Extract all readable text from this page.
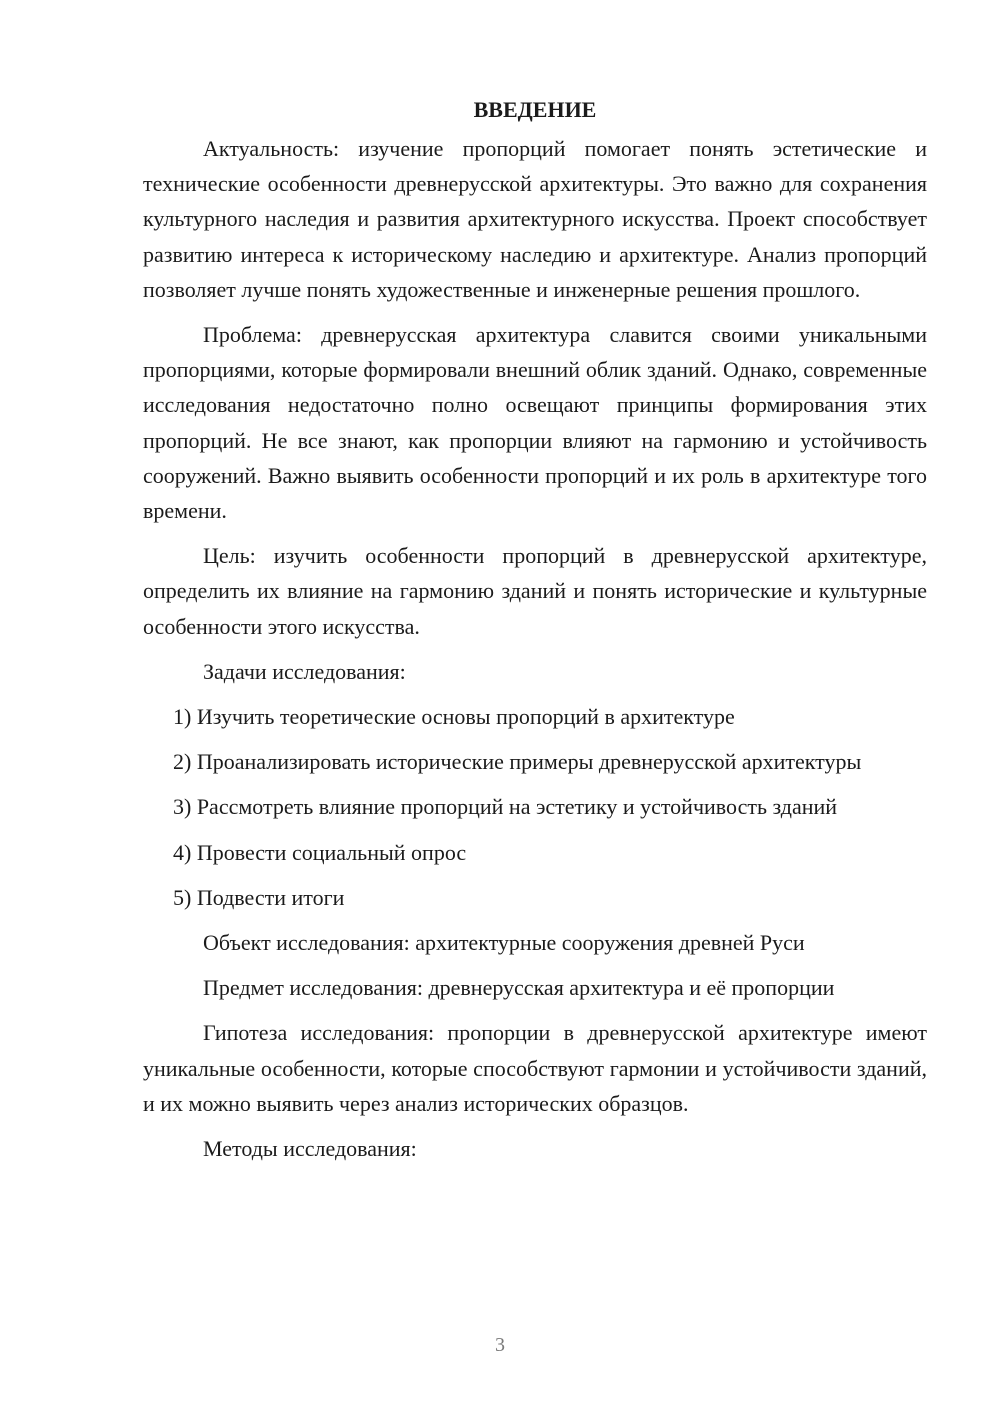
ВВЕДЕНИЕ

Актуальность: изучение пропорций помогает понять эстетические и технические особенности древнерусской архитектуры. Это важно для сохранения культурного наследия и развития архитектурного искусства. Проект способствует развитию интереса к историческому наследию и архитектуре. Анализ пропорций позволяет лучше понять художественные и инженерные решения прошлого.

Проблема: древнерусская архитектура славится своими уникальными пропорциями, которые формировали внешний облик зданий. Однако, современные исследования недостаточно полно освещают принципы формирования этих пропорций. Не все знают, как пропорции влияют на гармонию и устойчивость сооружений. Важно выявить особенности пропорций и их роль в архитектуре того времени.

Цель: изучить особенности пропорций в древнерусской архитектуре, определить их влияние на гармонию зданий и понять исторические и культурные особенности этого искусства.

Задачи исследования:

1) Изучить теоретические основы пропорций в архитектуре

2) Проанализировать исторические примеры древнерусской архитектуры

3) Рассмотреть влияние пропорций на эстетику и устойчивость зданий

4) Провести социальный опрос

5) Подвести итоги

Объект исследования: архитектурные сооружения древней Руси

Предмет исследования: древнерусская архитектура и её пропорции

Гипотеза исследования: пропорции в древнерусской архитектуре имеют уникальные особенности, которые способствуют гармонии и устойчивости зданий, и их можно выявить через анализ исторических образцов.

Методы исследования:

3
